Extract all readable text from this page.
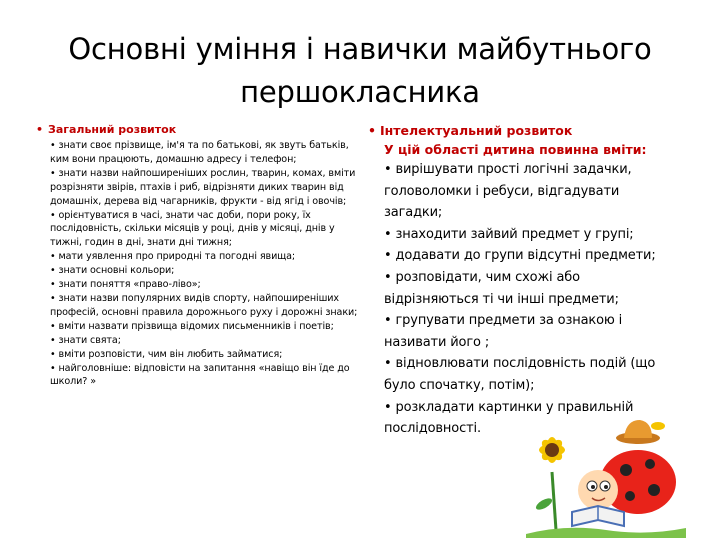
Основні уміння і навички майбутнього першокласника
• Загальний розвиток
• знати своє прізвище, ім'я та по батькові, як звуть батьків, ким вони працюють, домашню адресу і телефон;
• знати назви найпоширеніших рослин, тварин, комах, вміти розрізняти звірів, птахів і риб, відрізняти диких тварин від домашніх, дерева від чагарників, фрукти - від ягід і овочів;
• орієнтуватися в часі, знати час доби, пори року, їх послідовність, скільки місяців у році, днів у місяці, днів у тижні, годин в дні, знати дні тижня;
• мати уявлення про природні та погодні явища;
• знати основні кольори;
• знати поняття «право-ліво»;
• знати назви популярних видів спорту, найпоширеніших професій, основні правила дорожнього руху і дорожні знаки;
• вміти назвати прізвища відомих письменників і поетів;
• знати свята;
• вміти розповісти, чим він любить займатися;
• найголовніше: відповісти на запитання «навіщо він їде до школи? »
• Інтелектуальний розвиток
У цій області дитина повинна вміти:
• вирішувати прості логічні задачки, головоломки і ребуси, відгадувати загадки;
• знаходити зайвий предмет у групі;
• додавати до групи відсутні предмети;
• розповідати, чим схожі або відрізняються ті чи інші предмети;
• групувати предмети за ознакою і називати його ;
• відновлювати послідовність подій (що було спочатку, потім);
• розкладати картинки у правильній послідовності.
